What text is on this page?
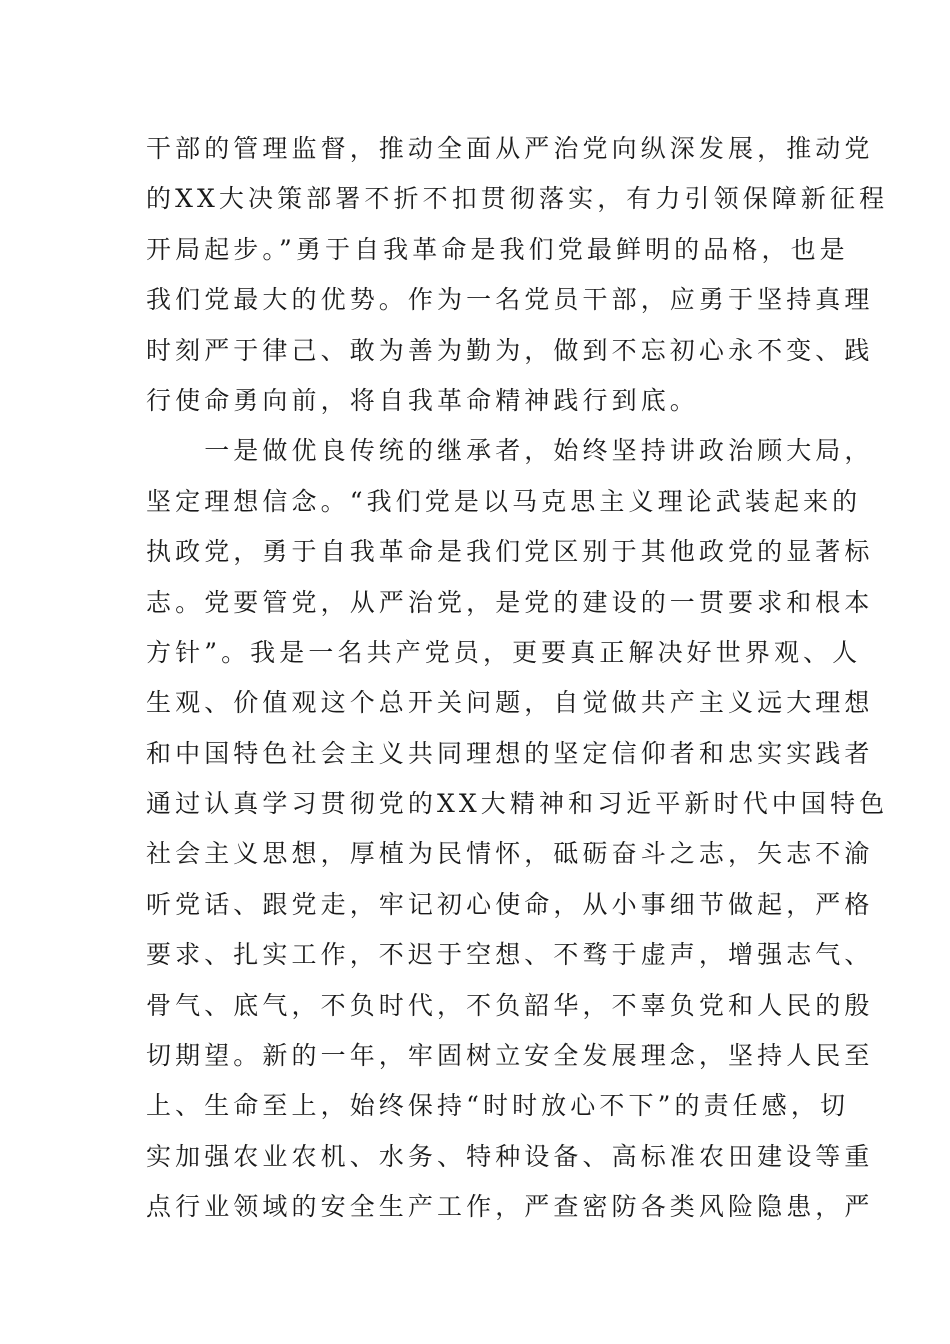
干部的管理监督，推动全面从严治党向纵深发展，推动党
的XX大决策部署不折不扣贯彻落实，有力引领保障新征程
开局起步。”勇于自我革命是我们党最鲜明的品格，也是
我们党最大的优势。作为一名党员干部，应勇于坚持真理
时刻严于律己、敢为善为勤为，做到不忘初心永不变、践
行使命勇向前，将自我革命精神践行到底。
　　一是做优良传统的继承者，始终坚持讲政治顾大局，
坚定理想信念。“我们党是以马克思主义理论武装起来的
执政党，勇于自我革命是我们党区别于其他政党的显著标
志。党要管党，从严治党，是党的建设的一贯要求和根本
方针”。我是一名共产党员，更要真正解决好世界观、人
生观、价值观这个总开关问题，自觉做共产主义远大理想
和中国特色社会主义共同理想的坚定信仰者和忠实实践者
通过认真学习贯彻党的XX大精神和习近平新时代中国特色
社会主义思想，厚植为民情怀，砥砺奋斗之志，矢志不渝
听党话、跟党走，牢记初心使命，从小事细节做起，严格
要求、扎实工作，不迟于空想、不骛于虚声，增强志气、
骨气、底气，不负时代，不负韶华，不辜负党和人民的殷
切期望。新的一年，牢固树立安全发展理念，坚持人民至
上、生命至上，始终保持“时时放心不下”的责任感，切
实加强农业农机、水务、特种设备、高标准农田建设等重
点行业领域的安全生产工作，严查密防各类风险隐患，严
